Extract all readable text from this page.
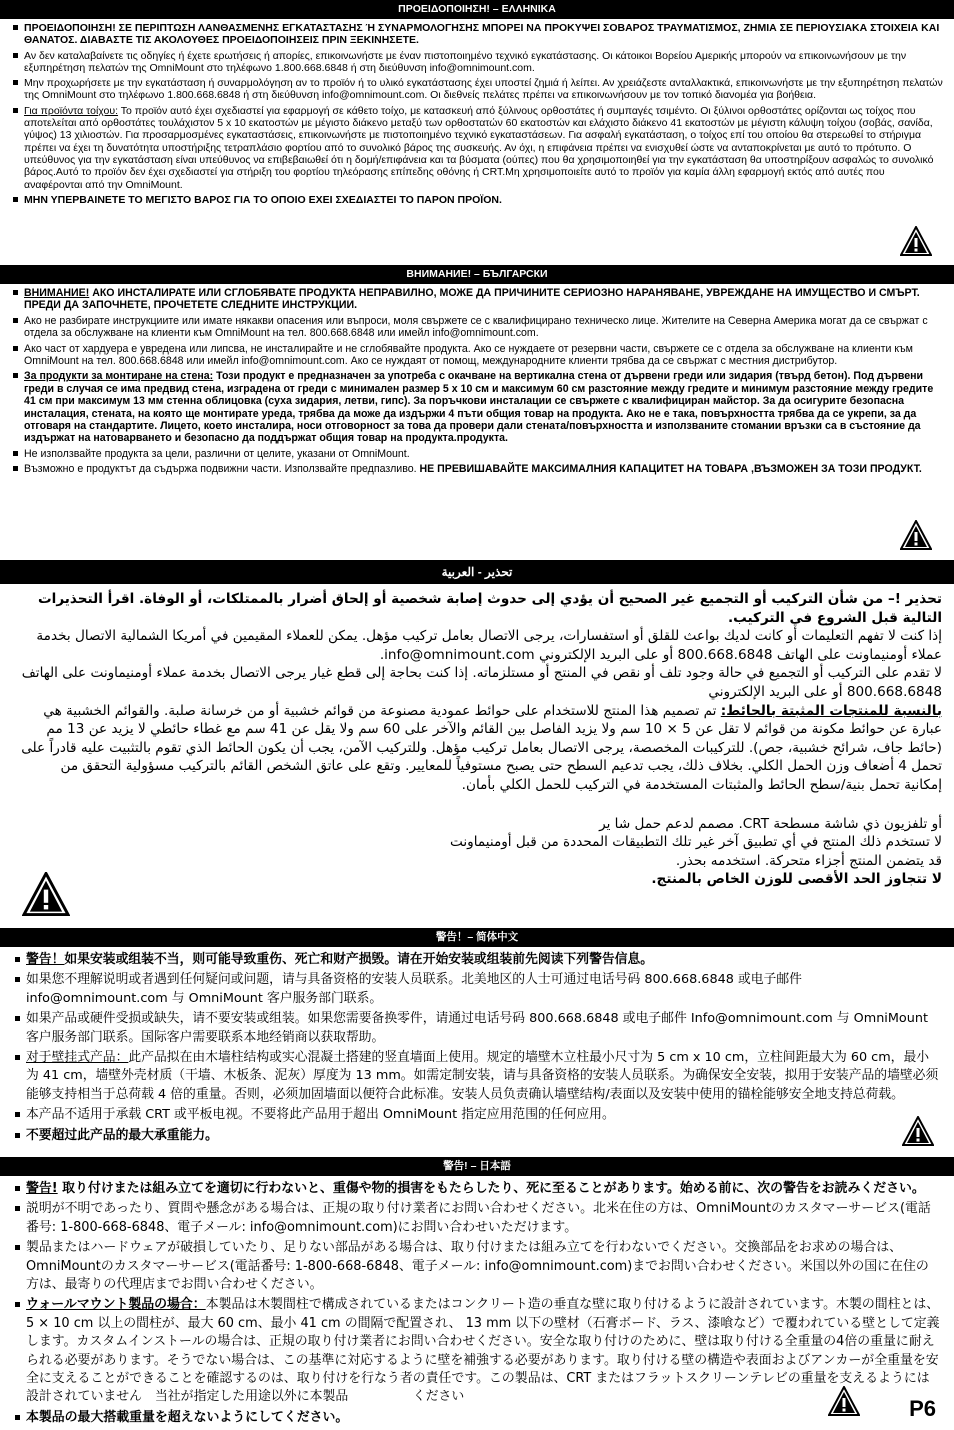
ΠΡΟΕΙΔΟΠΟΙΗΣΗ! – ΕΛΛΗΝΙΚΑ
ΠΡΟΕΙΔΟΠΟΙΗΣΗ! ΣΕ ΠΕΡΙΠΤΩΣΗ ΛΑΝΘΑΣΜΕΝΗΣ ΕΓΚΑΤΑΣΤΑΣΗΣ Ή ΣΥΝΑΡΜΟΛΟΓΗΣΗΣ ΜΠΟΡΕΙ ΝΑ ΠΡΟΚΥΨΕΙ ΣΟΒΑΡΟΣ ΤΡΑΥΜΑΤΙΣΜΟΣ, ΖΗΜΙΑ ΣΕ ΠΕΡΙΟΥΣΙΑΚΑ ΣΤΟΙΧΕΙΑ ΚΑΙ ΘΑΝΑΤΟΣ. ΔΙΑΒΑΣΤΕ ΤΙΣ ΑΚΟΛΟΥΘΕΣ ΠΡΟΕΙΔΟΠΟΙΗΣΕΙΣ ΠΡΙΝ ΞΕΚΙΝΗΣΕΤΕ.
Αν δεν καταλαβαίνετε τις οδηγίες ή έχετε ερωτήσεις ή απορίες, επικοινωνήστε με έναν πιστοποιημένο τεχνικό εγκατάστασης. Οι κάτοικοι Βορείου Αμερικής μπορούν να επικοινωνήσουν με την εξυπηρέτηση πελατών της OmniMount στο τηλέφωνο 1.800.668.6848 ή στη διεύθυνση info@omnimount.com.
Μην προχωρήσετε με την εγκατάσταση ή συναρμολόγηση αν το προϊόν ή το υλικό εγκατάστασης έχει υποστεί ζημιά ή λείπει. Αν χρειάζεστε ανταλλακτικά, επικοινωνήστε με την εξυπηρέτηση πελατών της OmniMount στο τηλέφωνο 1.800.668.6848 ή στη διεύθυνση info@omnimount.com. Οι διεθνείς πελάτες πρέπει να επικοινωνήσουν με τον τοπικό διανομέα για βοήθεια.
Για προϊόντα τοίχου: Το προϊόν αυτό έχει σχεδιαστεί για εφαρμογή σε κάθετο τοίχο, με κατασκευή από ξύλινους ορθοστάτες ή συμπαγές τσιμέντο. Οι ξύλινοι ορθοστάτες ορίζονται ως τοίχος που αποτελείται από ορθοστάτες τουλάχιστον 5 x 10 εκατοστών με μέγιστο διάκενο μεταξύ των ορθοστατών 60 εκατοστών και ελάχιστο διάκενο 41 εκατοστών με μέγιστη κάλυψη τοίχου (σοβάς, σανίδα, γύψος) 13 χιλιοστών. Για προσαρμοσμένες εγκαταστάσεις, επικοινωνήστε με πιστοποιημένο τεχνικό εγκαταστάσεων. Για ασφαλή εγκατάσταση, ο τοίχος επί του οποίου θα στερεωθεί το στήριγμα πρέπει να έχει τη δυνατότητα υποστήριξης τετραπλάσιο φορτίου από το συνολικό βάρος της συσκευής. Αν όχι, η επιφάνεια πρέπει να ενισχυθεί ώστε να ανταποκρίνεται με αυτό το πρότυπο. Ο υπεύθυνος για την εγκατάσταση είναι υπεύθυνος να επιβεβαιωθεί ότι η δομή/επιφάνεια και τα βύσματα (ούπες) που θα χρησιμοποιηθεί για την εγκατάσταση θα υποστηρίξουν ασφαλώς το συνολικό βάρος.Αυτό το προϊόν δεν έχει σχεδιαστεί για στήριξη του φορτίου τηλεόρασης επίπεδης οθόνης ή CRT.Μη χρησιμοποιείτε αυτό το προϊόν για καμία άλλη εφαρμογή εκτός από αυτές που αναφέρονται από την OmniMount.
ΜΗΝ ΥΠΕΡΒΑΙΝΕΤΕ ΤΟ ΜΕΓΙΣΤΟ ΒΑΡΟΣ ΓΙΑ ΤΟ ΟΠΟΙΟ ΕΧΕΙ ΣΧΕΔΙΑΣΤΕΙ ΤΟ ΠΑΡΟΝ ΠΡΟΪΟΝ.
ВНИМАНИЕ! – БЪЛГАРСКИ
ВНИМАНИЕ! АКО ИНСТАЛИРАТЕ ИЛИ СГЛОБЯВАТЕ ПРОДУКТА НЕПРАВИЛНО, МОЖЕ ДА ПРИЧИНИТЕ СЕРИОЗНО НАРАНЯВАНЕ, УВРЕЖДАНЕ НА ИМУЩЕСТВО И СМЪРТ. ПРЕДИ ДА ЗАПОЧНЕТЕ, ПРОЧЕТЕТЕ СЛЕДНИТЕ ИНСТРУКЦИИ.
Ако не разбирате инструкциите или имате някакви опасения или въпроси, моля свържете се с квалифицирано техническо лице. Жителите на Северна Америка могат да се свържат с отдела за обслужване на клиенти към OmniMount на тел. 800.668.6848 или имейл info@omnimount.com.
Ако част от хардуера е увредена или липсва, не инсталирайте и не сглобявайте продукта. Ако се нуждаете от резервни части, свържете се с отдела за обслужване на клиенти към OmniMount на тел. 800.668.6848 или имейл info@omnimount.com. Ако се нуждаят от помощ, международните клиенти трябва да се свържат с местния дистрибутор.
За продукти за монтиране на стена: Този продукт е предназначен за употреба с окачване на вертикална стена от дървени греди или зидария (твърд бетон). Под дървени греди в случая се има предвид стена, изградена от греди с минимален размер 5 x 10 см и максимум 60 см разстояние между гредите и минимум разстояние между гредите 41 см при максимум 13 мм стенна облицовка (суха зидария, летви, гипс). За поръчкови инсталации се свържете с квалифициран майстор. За да осигурите безопасна инсталация, стената, на която ще монтирате уреда, трябва да може да издържи 4 пъти общия товар на продукта. Ако не е така, повърхността трябва да се укрепи, за да отговаря на стандартите. Лицето, което инсталира, носи отговорност за това да провери дали стената/повърхността и използваните стомании връзки са в състояние да издържат на натоварването и безопасно да поддържат общия товар на продукта.продукта.
Не използвайте продукта за цели, различни от целите, указани от OmniMount.
Възможно е продуктът да съдържа подвижни части. Използвайте предпазливо. НЕ ПРЕВИШАВАЙТЕ МАКСИМАЛНИЯ КАПАЦИТЕТ НА ТОВАРА ,ВЪЗМОЖЕН ЗА ТОЗИ ПРОДУКТ.
تحذير - العربية

تحذير !– من شأن التركيب أو التجميع غير الصحيح أن يؤدي إلى حدوث إصابة شخصية أو إلحاق أضرار بالممتلكات، أو الوفاة. اقرأ التحذيرات التالية قبل الشروع في التركيب.

إذا كنت لا تفهم التعليمات أو كانت لديك بواعث للقلق أو استفسارات، يرجى الاتصال بعامل تركيب مؤهل. يمكن للعملاء المقيمين في أمريكا الشمالية الاتصال بخدمة عملاء أومنيماونت على الهاتف 800.668.6848 أو على البريد الإلكتروني info@omnimount.com.

لا تقدم على التركيب أو التجميع في حالة وجود تلف أو نقص في المنتج أو مستلزماته. إذا كنت بحاجة إلى قطع غيار يرجى الاتصال بخدمة عملاء أومنيماونت على الهاتف 800.668.6848 أو على البريد الإلكتروني

بالنسبة للمنتجات المثبتة بالحائط: تم تصميم هذا المنتج للاستخدام على حوائط عمودية مصنوعة من قوائم خشبية أو من خرسانة صلبة. والقوائم الخشبية هي عبارة عن حوائط مكونة من قوائم لا تقل عن 5 × 10 سم ولا يزيد الفاصل بين القائم والآخر على 60 سم ولا يقل عن 41 سم مع غطاء حائطي لا يزيد عن 13 مم (حائط جاف، شرائح خشبية، جص). للتركيبات المخصصة، يرجى الاتصال بعامل تركيب مؤهل. وللتركيب الآمن، يجب أن يكون الحائط الذي تقوم بالتثبيت عليه قادراً على تحمل 4 أضعاف وزن الحمل الكلي. بخلاف ذلك، يجب تدعيم السطح حتى يصبح مستوفياً للمعايير. وتقع على عاتق الشخص القائم بالتركيب مسؤولية التحقق من إمكانية تحمل بنية/سطح الحائط والمثبتات المستخدمة في التركيب للحمل الكلي بأمان.

أو تلفزيون ذي شاشة مسطحة CRT. مصمم لدعم حمل شا ير

لا تستخدم ذلك المنتج في أي تطبيق آخر غير تلك التطبيقات المحددة من قبل أومنيماونت

قد يتضمن المنتج أجزاء متحركة. استخدمه بحذر.

لا تتجاوز الحد الأقصى للوزن الخاص بالمنتج.

警告！– 简体中文
警告！如果安装或组装不当，则可能导致重伤、死亡和财产损毁。请在开始安装或组装前先阅读下列警告信息。
如果您不理解说明或者遇到任何疑问或问题，请与具备资格的安装人员联系。北美地区的人士可通过电话号码 800.668.6848 或电子邮件 info@omnimount.com 与 OmniMount 客户服务部门联系。
如果产品或硬件受损或缺失，请不要安装或组装。如果您需要备换零件，请通过电话号码 800.668.6848 或电子邮件 Info@omnimount.com 与 OmniMount 客户服务部门联系。国际客户需要联系本地经销商以获取帮助。
对于壁挂式产品：此产品拟在由木墙柱结构或实心混凝土搭建的竖直墙面上使用。规定的墙壁木立柱最小尺寸为 5 cm x 10 cm，立柱间距最大为 60 cm，最小为 41 cm，墙壁外壳材质（干墙、木板条、泥灰）厚度为 13 mm。如需定制安装，请与具备资格的安装人员联系。为确保安全安装，拟用于安装产品的墙壁必须能够支持相当于总荷载 4 倍的重量。否则，必须加固墙面以便符合此标准。安装人员负责确认墙壁结构/表面以及安装中使用的锚栓能够安全地支持总荷载。
本产品不适用于承载 CRT 或平板电视。不要将此产品用于超出 OmniMount 指定应用范围的任何应用。
不要超过此产品的最大承重能力。
警告! – 日本語
警告! 取り付けまたは組み立てを適切に行わないと、重傷や物的損害をもたらしたり、死に至ることがあります。始める前に、次の警告をお読みください。
説明が不明であったり、質問や懸念がある場合は、正規の取り付け業者にお問い合わせください。北米在住の方は、OmniMountのカスタマーサービス(電話番号: 1-800-668-6848、電子メール: info@omnimount.com)にお問い合わせいただけます。
製品またはハードウェアが破損していたり、足りない部品がある場合は、取り付けまたは組み立てを行わないでください。交換部品をお求めの場合は、OmniMountのカスタマーサービス(電話番号: 1-800-668-6848、電子メール: info@omnimount.com)までお問い合わせください。米国以外の国に在住の方は、最寄りの代理店までお問い合わせください。
ウォールマウント製品の場合：本製品は木製間柱で構成されているまたはコンクリート造の垂直な壁に取り付けるように設計されています。木製の間柱とは、5 × 10 cm 以上の間柱が、最大 60 cm、最小 41 cm の間隔で配置され、 13 mm 以下の壁材（石膏ボード、ラス、漆喰など）で覆われている壁として定義します。カスタムインストールの場合は、正規の取り付け業者にお問い合わせください。安全な取り付けのために、壁は取り付ける全重量の4倍の重量に耐えられる必要があります。そうでない場合は、この基準に対応するように壁を補強する必要があります。取り付ける壁の構造や表面およびアンカーが全重量を安全に支えることができることを確認するのは、取り付けを行なう者の責任です。この製品は、CRT またはフラットスクリーンテレビの重量を支えるようには設計されていません　当社が指定した用途以外に本製品　　　　　ください
本製品の最大搭載重量を超えないようにしてください。	P6
